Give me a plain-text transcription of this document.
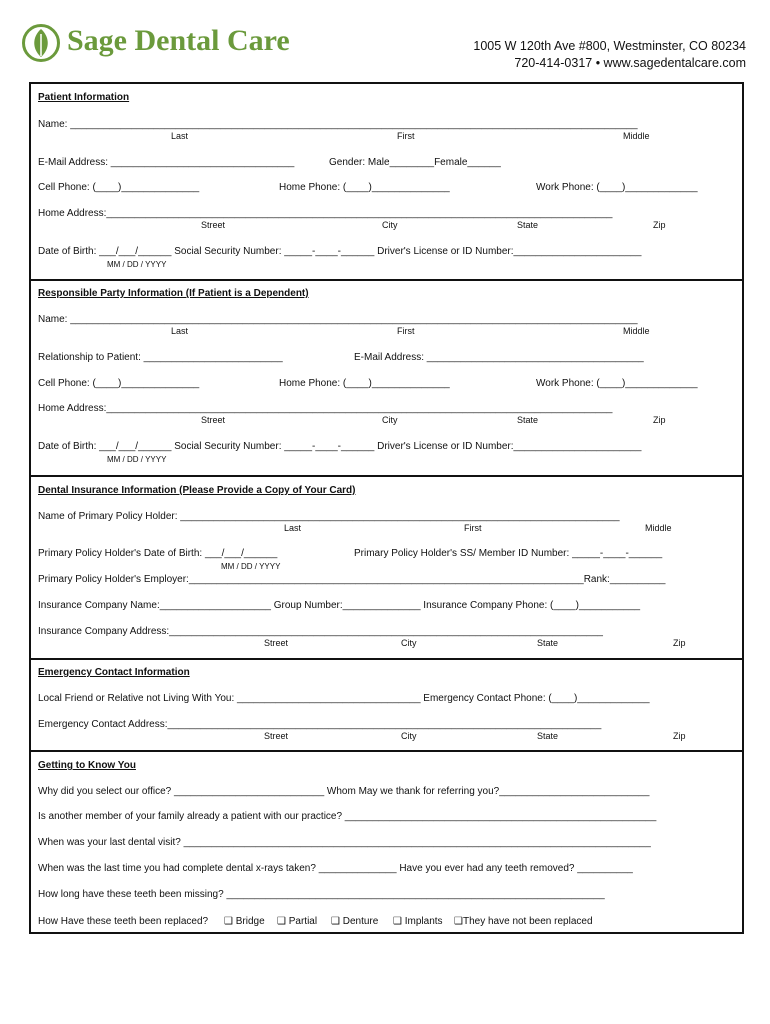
Sage Dental Care	1005 W 120th Ave #800, Westminster, CO 80234
720-414-0317 • www.sagedentalcare.com
Patient Information
Name: ______________________________________________________________________________________________________
Last	First	Middle
E-Mail Address: _________________________________	Gender: Male________Female______
Cell Phone: (____)______________	Home Phone: (____)______________	Work Phone: (____)_____________
Home Address:___________________________________________________________________________________________
Street	City	State	Zip
Date of Birth: ___/___/______ Social Security Number: _____-____-______ Driver's License or ID Number:_______________________
MM / DD / YYYY
Responsible Party Information (If Patient is a Dependent)
Name: ______________________________________________________________________________________________________
Last	First	Middle
Relationship to Patient: _________________________	E-Mail Address: _______________________________________
Cell Phone: (____)______________	Home Phone: (____)______________	Work Phone: (____)_____________
Home Address:___________________________________________________________________________________________
Street	City	State	Zip
Date of Birth: ___/___/______ Social Security Number: _____-____-______ Driver's License or ID Number:_______________________
MM / DD / YYYY
Dental Insurance Information (Please Provide a Copy of Your Card)
Name of Primary Policy Holder: _______________________________________________________________________________
Last	First	Middle
Primary Policy Holder's Date of Birth: ___/___/______	Primary Policy Holder's SS/ Member ID Number: _____-____-______
MM / DD / YYYY
Primary Policy Holder's Employer:_______________________________________________________________________Rank:__________
Insurance Company Name:____________________ Group Number:______________ Insurance Company Phone: (____)___________
Insurance Company Address:______________________________________________________________________________
Street	City	State	Zip
Emergency Contact Information
Local Friend or Relative not Living With You: _________________________________ Emergency Contact Phone: (____)_____________
Emergency Contact Address:______________________________________________________________________________
Street	City	State	Zip
Getting to Know You
Why did you select our office? ___________________________ Whom May we thank for referring you?___________________________
Is another member of your family already a patient with our practice? ________________________________________________________
When was your last dental visit? ____________________________________________________________________________________
When was the last time you had complete dental x-rays taken? ______________ Have you ever had any teeth removed? __________
How long have these teeth been missing? ____________________________________________________________________
How Have these teeth been replaced? ❑ Bridge ❑ Partial ❑ Denture ❑ Implants ❑They have not been replaced
